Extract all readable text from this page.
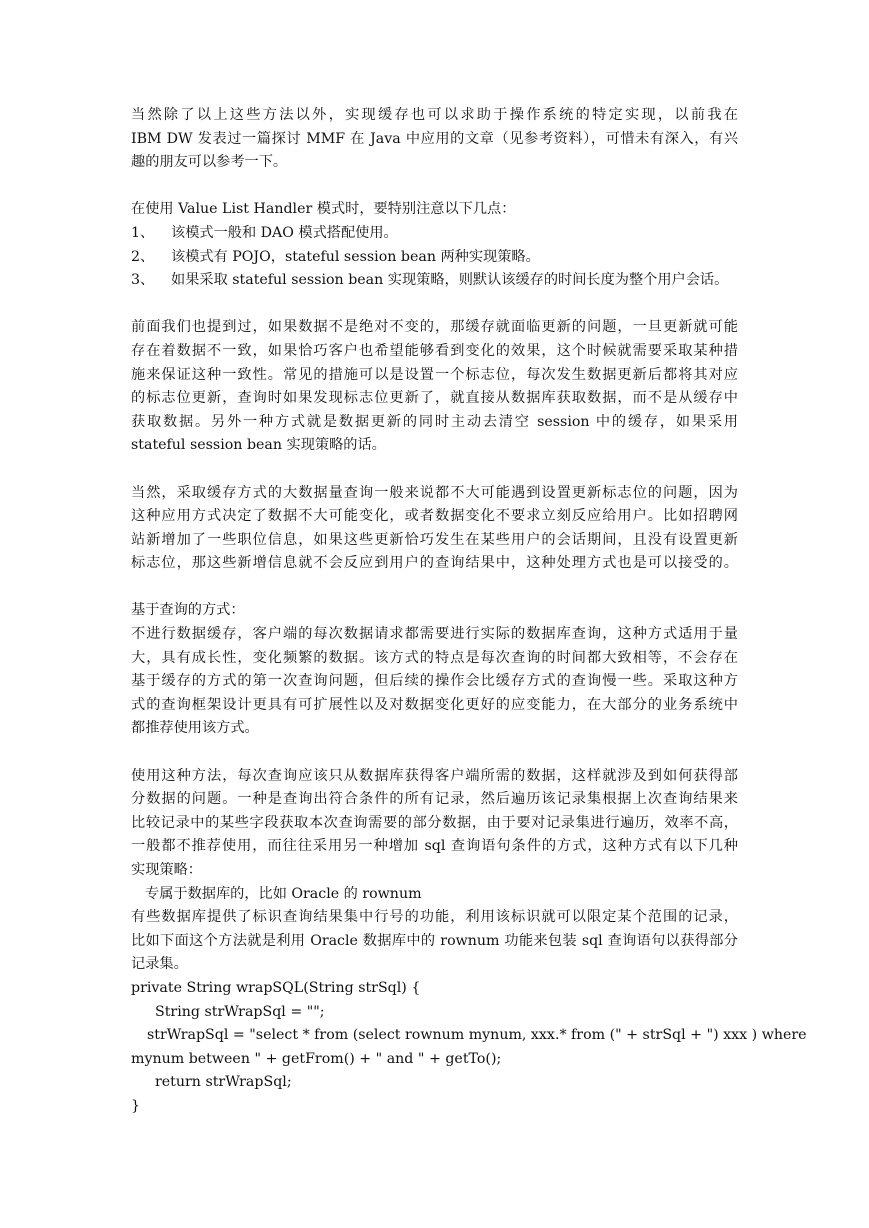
当然除了以上这些方法以外，实现缓存也可以求助于操作系统的特定实现，以前我在
IBM DW 发表过一篇探讨 MMF 在 Java 中应用的文章（见参考资料），可惜未有深入，有兴
趣的朋友可以参考一下。
在使用 Value List Handler 模式时，要特别注意以下几点：
1、	该模式一般和 DAO 模式搭配使用。
2、	该模式有 POJO，stateful session bean 两种实现策略。
3、	如果采取 stateful session bean 实现策略，则默认该缓存的时间长度为整个用户会话。
前面我们也提到过，如果数据不是绝对不变的，那缓存就面临更新的问题，一旦更新就可能
存在着数据不一致，如果恰巧客户也希望能够看到变化的效果，这个时候就需要采取某种措
施来保证这种一致性。常见的措施可以是设置一个标志位，每次发生数据更新后都将其对应
的标志位更新，查询时如果发现标志位更新了，就直接从数据库获取数据，而不是从缓存中
获取数据。另外一种方式就是数据更新的同时主动去清空 session 中的缓存，如果采用
stateful session bean 实现策略的话。
当然，采取缓存方式的大数据量查询一般来说都不大可能遇到设置更新标志位的问题，因为
这种应用方式决定了数据不大可能变化，或者数据变化不要求立刻反应给用户。比如招聘网
站新增加了一些职位信息，如果这些更新恰巧发生在某些用户的会话期间，且没有设置更新
标志位，那这些新增信息就不会反应到用户的查询结果中，这种处理方式也是可以接受的。
基于查询的方式：
不进行数据缓存，客户端的每次数据请求都需要进行实际的数据库查询，这种方式适用于量
大，具有成长性，变化频繁的数据。该方式的特点是每次查询的时间都大致相等，不会存在
基于缓存的方式的第一次查询问题，但后续的操作会比缓存方式的查询慢一些。采取这种方
式的查询框架设计更具有可扩展性以及对数据变化更好的应变能力，在大部分的业务系统中
都推荐使用该方式。
使用这种方法，每次查询应该只从数据库获得客户端所需的数据，这样就涉及到如何获得部
分数据的问题。一种是查询出符合条件的所有记录，然后遍历该记录集根据上次查询结果来
比较记录中的某些字段获取本次查询需要的部分数据，由于要对记录集进行遍历，效率不高，
一般都不推荐使用，而往往采用另一种增加 sql 查询语句条件的方式，这种方式有以下几种
实现策略：
专属于数据库的，比如 Oracle 的 rownum
有些数据库提供了标识查询结果集中行号的功能，利用该标识就可以限定某个范围的记录，
比如下面这个方法就是利用 Oracle 数据库中的 rownum 功能来包装 sql 查询语句以获得部分
记录集。
private String wrapSQL(String strSql) {
String strWrapSql = "";
strWrapSql = "select * from (select rownum mynum, xxx.* from (" + strSql + ") xxx ) where
mynum between " + getFrom() + " and " + getTo();
return strWrapSql;
}
